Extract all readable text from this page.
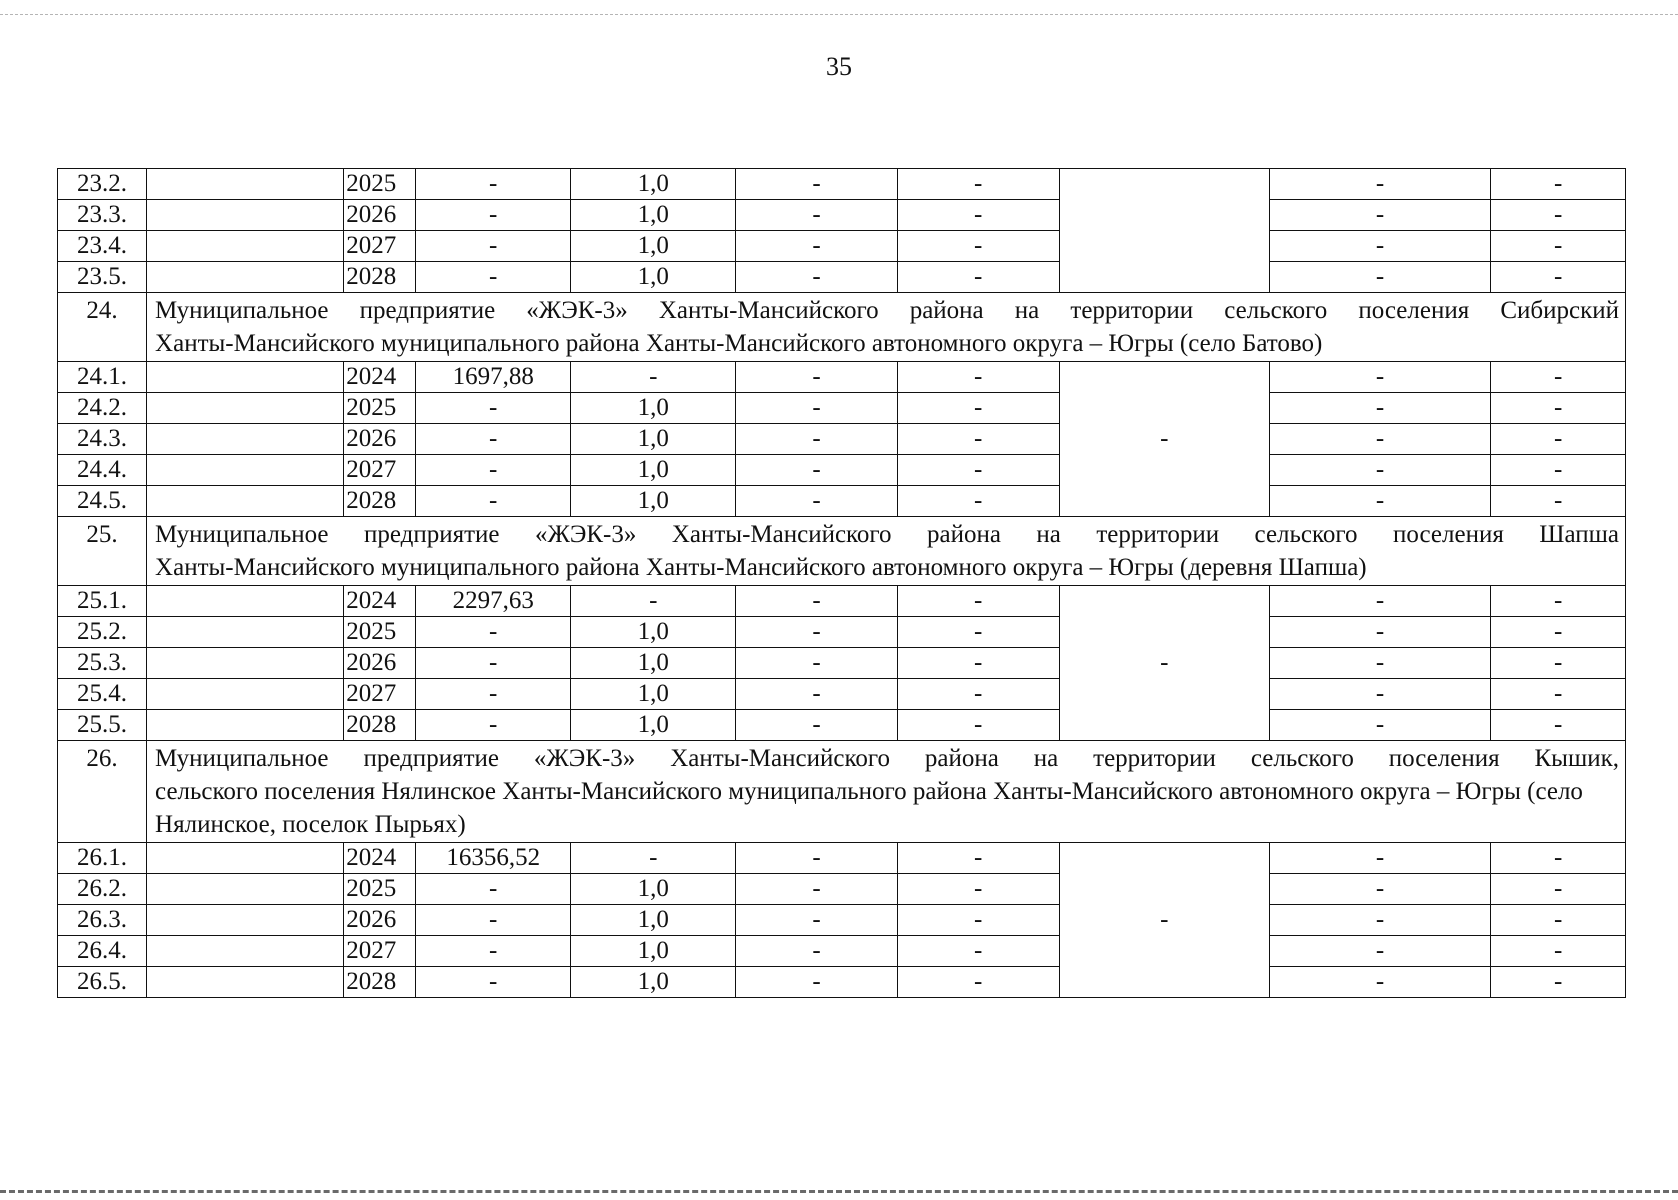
35
23.2.		2025	-	1,0	-	-		-	-
23.3.		2026	-	1,0	-	-		-	-
23.4.		2027	-	1,0	-	-		-	-
23.5.		2028	-	1,0	-	-		-	-
24.	Муниципальное предприятие «ЖЭК-3» Ханты-Мансийского района на территории сельского поселения Сибирский
Ханты-Мансийского муниципального района Ханты-Мансийского автономного округа – Югры (село Батово)								

24.1.		2024	1697,88	-	-	-	-	-	-
24.2.		2025	-	1,0	-	-		-	-
24.3.		2026	-	1,0	-	-		-	-
24.4.		2027	-	1,0	-	-		-	-
24.5.		2028	-	1,0	-	-		-	-
25.	Муниципальное предприятие «ЖЭК-3» Ханты-Мансийского района на территории сельского поселения Шапша
Ханты-Мансийского муниципального района Ханты-Мансийского автономного округа – Югры (деревня Шапша)								

25.1.		2024	2297,63	-	-	-	-	-	-
25.2.		2025	-	1,0	-	-		-	-
25.3.		2026	-	1,0	-	-		-	-
25.4.		2027	-	1,0	-	-		-	-
25.5.		2028	-	1,0	-	-		-	-
26.	Муниципальное предприятие «ЖЭК-3» Ханты-Мансийского района на территории сельского поселения Кышик,
сельского поселения Нялинское Ханты-Мансийского муниципального района Ханты-Мансийского автономного округа – Югры (село Нялинское, поселок Пырьях)								

26.1.		2024	16356,52	-	-	-	-	-	-
26.2.		2025	-	1,0	-	-		-	-
26.3.		2026	-	1,0	-	-		-	-
26.4.		2027	-	1,0	-	-		-	-
26.5.		2028	-	1,0	-	-		-	-
